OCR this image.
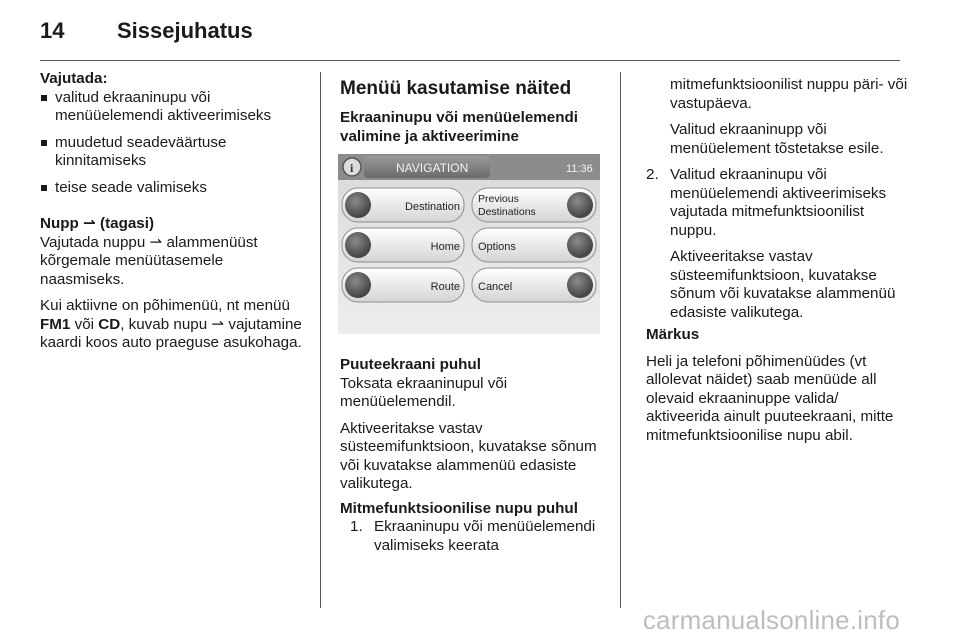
14 Sissejuhatus

Vajutada:

valitud ekraaninupu või menüüelemendi aktiveerimiseks
muudetud seadeväärtuse kinnitamiseks
teise seade valimiseks

Nupp ⇀ (tagasi)

Vajutada nuppu ⇀ alammenüüst kõrgemale menüütasemele naasmiseks.

Kui aktiivne on põhimenüü, nt menüü FM1 või CD, kuvab nupu ⇀ vajutamine kaardi koos auto praeguse asukohaga.

Menüü kasutamise näited

Ekraaninupu või menüüelemendi valimine ja aktiveerimine

i	NAVIGATION	11:36
Destination
Previous
Destinations
Home Options
Route Cancel

Puuteekraani puhul

Toksata ekraaninupul või menüüelemendil.

Aktiveeritakse vastav süsteemifunktsioon, kuvatakse sõnum või kuvatakse alammenüü edasiste valikutega.

Mitmefunktsioonilise nupu puhul

1. Ekraaninupu või menüüelemendi valimiseks keerata

mitmefunktsioonilist nuppu päri- või vastupäeva.

Valitud ekraaninupp või menüüelement tõstetakse esile.

2. Valitud ekraaninupu või menüüelemendi aktiveerimiseks vajutada mitmefunktsioonilist nuppu.

Aktiveeritakse vastav süsteemifunktsioon, kuvatakse sõnum või kuvatakse alammenüü edasiste valikutega.

Märkus

Heli ja telefoni põhimenüüdes (vt allolevat näidet) saab menüüde all olevaid ekraaninuppe valida/ aktiveerida ainult puuteekraani, mitte mitmefunktsioonilise nupu abil.

carmanualsonline.info
